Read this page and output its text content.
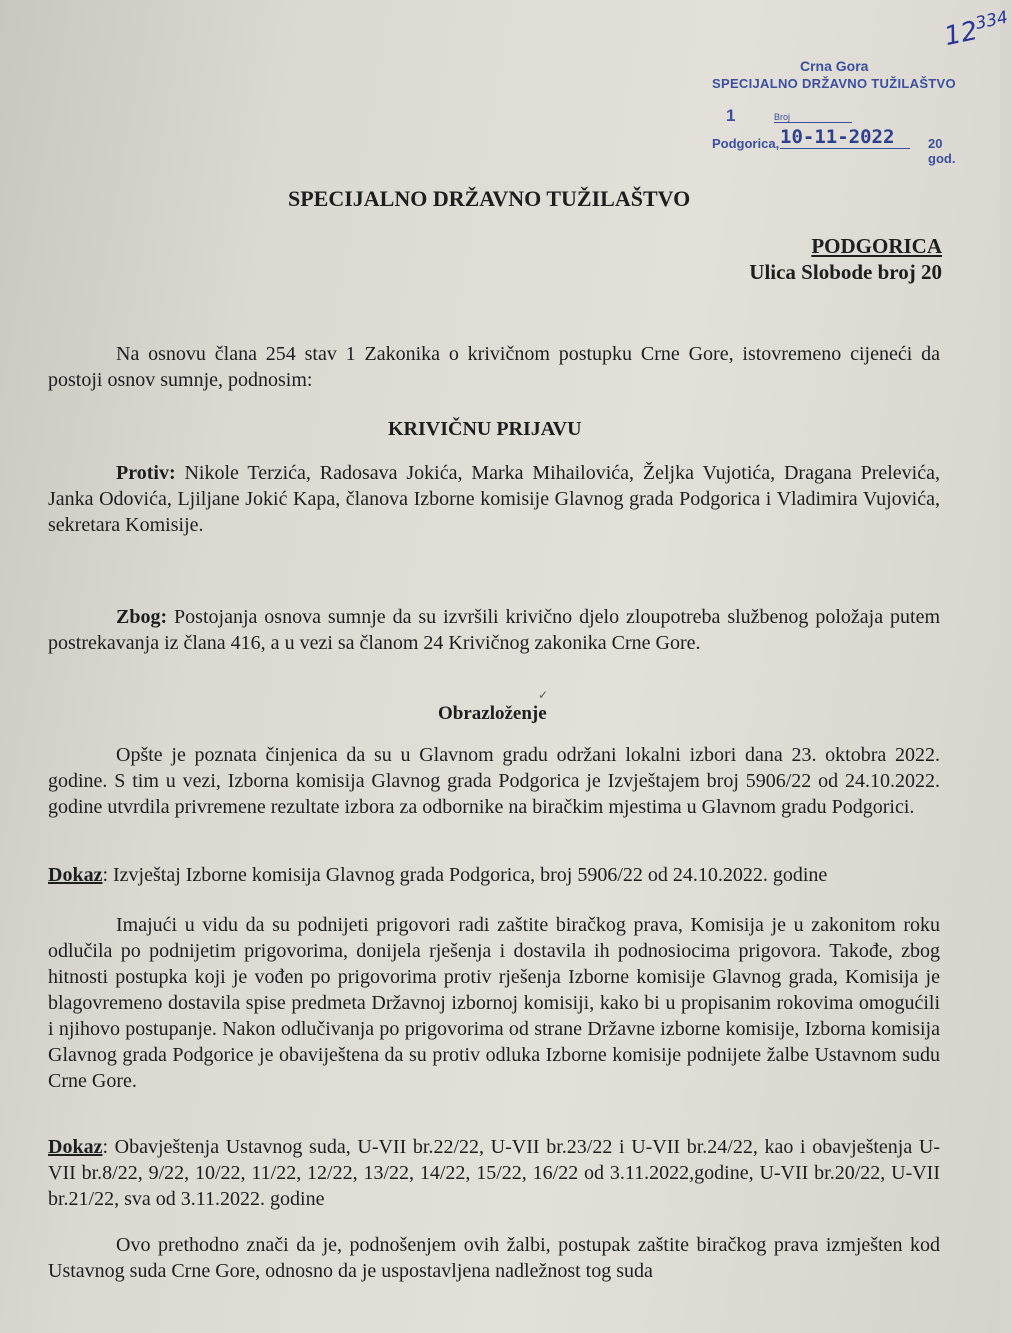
$12^{334}$
Crna Gora
SPECIJALNO DRŽAVNO TUŽILAŠTVO
1	Broj
Podgorica, 10-11-2022	20 god.
SPECIJALNO DRŽAVNO TUŽILAŠTVO
PODGORICA
Ulica Slobode broj 20
Na osnovu člana 254 stav 1 Zakonika o krivičnom postupku Crne Gore, istovremeno cijeneći da postoji osnov sumnje, podnosim:
KRIVIČNU PRIJAVU
Protiv: Nikole Terzića, Radosava Jokića, Marka Mihailovića, Željka Vujotića, Dragana Prelevića, Janka Odovića, Ljiljane Jokić Kapa, članova Izborne komisije Glavnog grada Podgorica i Vladimira Vujovića, sekretara Komisije.
Zbog: Postojanja osnova sumnje da su izvršili krivično djelo zloupotreba službenog položaja putem postrekavanja iz člana 416, a u vezi sa članom 24 Krivičnog zakonika Crne Gore.
✓
Obrazloženje
Opšte je poznata činjenica da su u Glavnom gradu održani lokalni izbori dana 23. oktobra 2022. godine. S tim u vezi, Izborna komisija Glavnog grada Podgorica je Izvještajem broj 5906/22 od 24.10.2022. godine utvrdila privremene rezultate izbora za odbornike na biračkim mjestima u Glavnom gradu Podgorici.
Dokaz: Izvještaj Izborne komisija Glavnog grada Podgorica, broj 5906/22 od 24.10.2022. godine
Imajući u vidu da su podnijeti prigovori radi zaštite biračkog prava, Komisija je u zakonitom roku odlučila po podnijetim prigovorima, donijela rješenja i dostavila ih podnosiocima prigovora. Takođe, zbog hitnosti postupka koji je vođen po prigovorima protiv rješenja Izborne komisije Glavnog grada, Komisija je blagovremeno dostavila spise predmeta Državnoj izbornoj komisiji, kako bi u propisanim rokovima omogućili i njihovo postupanje. Nakon odlučivanja po prigovorima od strane Državne izborne komisije, Izborna komisija Glavnog grada Podgorice je obaviještena da su protiv odluka Izborne komisije podnijete žalbe Ustavnom sudu Crne Gore.
Dokaz: Obavještenja Ustavnog suda, U-VII br.22/22, U-VII br.23/22 i U-VII br.24/22, kao i obavještenja U-VII br.8/22, 9/22, 10/22, 11/22, 12/22, 13/22, 14/22, 15/22, 16/22 od 3.11.2022,godine, U-VII br.20/22, U-VII br.21/22, sva od 3.11.2022. godine
Ovo prethodno znači da je, podnošenjem ovih žalbi, postupak zaštite biračkog prava izmješten kod Ustavnog suda Crne Gore, odnosno da je uspostavljena nadležnost tog suda
